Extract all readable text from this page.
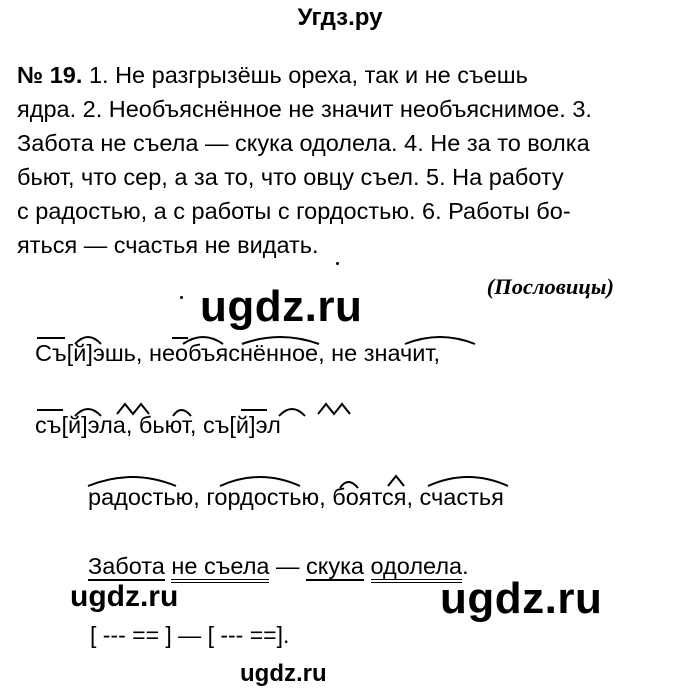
Угдз.ру
№ 19. 1. Не разгрызёшь ореха, так и не съешь
ядра. 2. Необъяснённое не значит необъяснимое. 3.
Забота не съела — скука одолела. 4. Не за то волка
бьют, что сер, а за то, что овцу съел. 5. На работу
с радостью, а с работы с гордостью. 6. Работы бо-
яться — счастья не видать.
(Пословицы)
ugdz.ru
Съ[й]эшь, необъяснённое, не значит,
съ[й]эла, бьют, съ[й]эл
радостью, гордостью, боятся, счастья
Забота не съела — скука одолела.
ugdz.ru	ugdz.ru
[ --- == ] — [ --- ==].
ugdz.ru
